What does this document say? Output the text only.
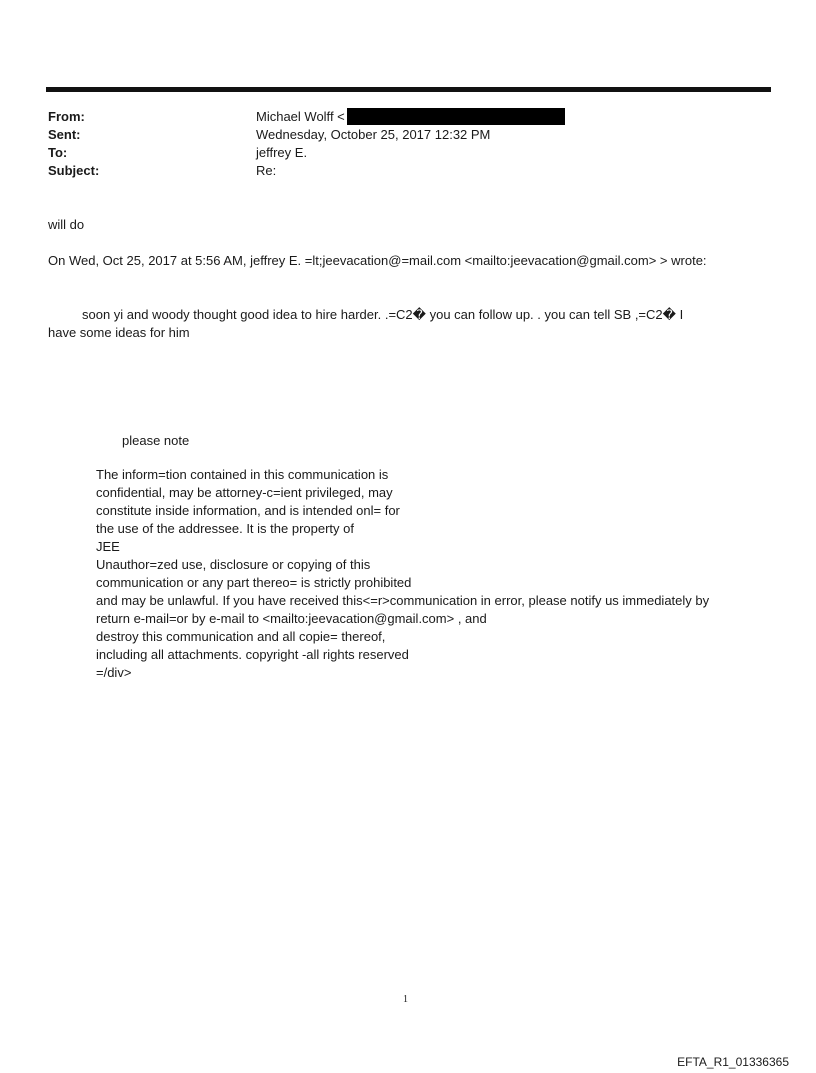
From:	Michael Wolff <
Sent:	Wednesday, October 25, 2017 12:32 PM
To:	jeffrey E.
Subject:	Re:
will do
On Wed, Oct 25, 2017 at 5:56 AM, jeffrey E. =lt;jeevacation@=mail.com <mailto:jeevacation@gmail.com> > wrote:
soon yi and woody thought good idea to hire harder. .=C2� you can follow up. . you can tell SB ,=C2� I
have some ideas for him
please note
The inform=tion contained in this communication is
confidential, may be attorney-c=ient privileged, may
constitute inside information, and is intended onl= for
the use of the addressee. It is the property of
JEE
Unauthor=zed use, disclosure or copying of this
communication or any part thereo= is strictly prohibited
and may be unlawful. If you have received this<=r>communication in error, please notify us immediately by
return e-mail=or by e-mail to <mailto:jeevacation@gmail.com> , and
destroy this communication and all copie= thereof,
including all attachments. copyright -all rights reserved
=/div>
1
EFTA_R1_01336365
